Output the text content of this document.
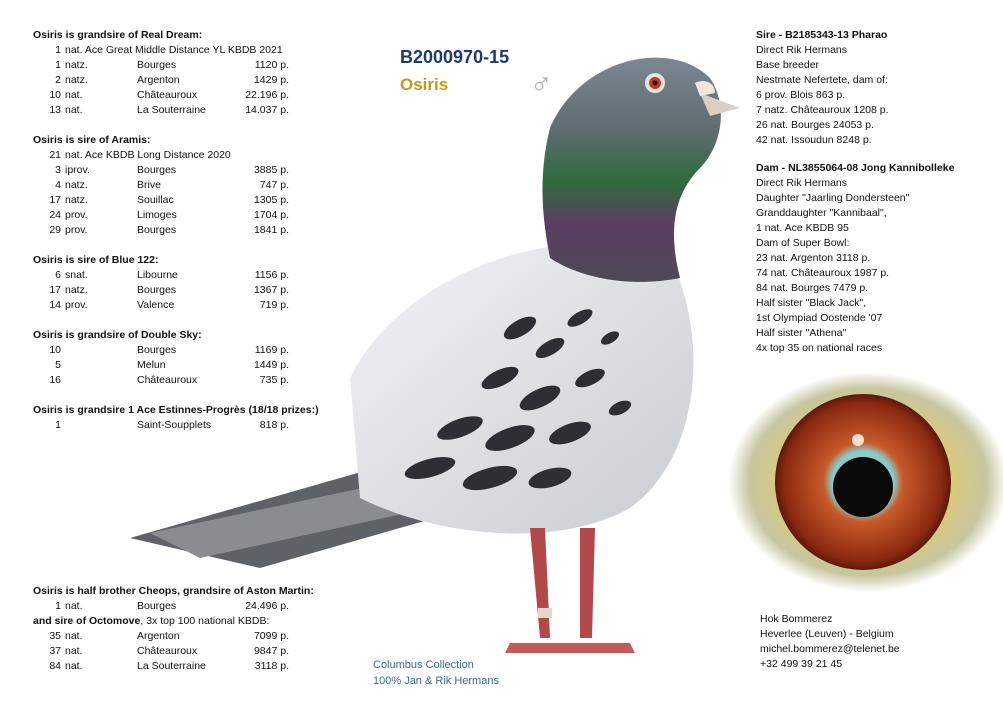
Osiris is grandsire of Real Dream:
1 nat. Ace Great Middle Distance YL KBDB 2021
1 natz.	Bourges	1120 p.
2 natz.	Argenton	1429 p.
10 nat.	Châteauroux	22.196 p.
13 nat.	La Souterraine	14.037 p.
Osiris is sire of Aramis:
21 nat. Ace KBDB Long Distance 2020
3 iprov.	Bourges	3885 p.
4 natz.	Brive	747 p.
17 natz.	Souillac	1305 p.
24 prov.	Limoges	1704 p.
29 prov.	Bourges	1841 p.
Osiris is sire of Blue 122:
6 snat.	Libourne	1156 p.
17 natz.	Bourges	1367 p.
14 prov.	Valence	719 p.
Osiris is grandsire of Double Sky:
10	Bourges	1169 p.
5	Melun	1449 p.
16	Châteauroux	735 p.
Osiris is grandsire 1 Ace Estinnes-Progrès (18/18 prizes:)
1	Saint-Soupplets	818 p.
Osiris is half brother Cheops, grandsire of Aston Martin:
1 nat.	Bourges	24.496 p.
and sire of Octomove, 3x top 100 national KBDB:
35 nat.	Argenton	7099 p.
37 nat.	Châteauroux	9847 p.
84 nat.	La Souterraine	3118 p.
B2000970-15
Osiris	♂
Sire - B2185343-13 Pharao
Direct Rik Hermans
Base breeder
Nestmate Nefertete, dam of:
6 prov. Blois 863 p.
7 natz. Châteauroux 1208 p.
26 nat. Bourges 24053 p.
42 nat. Issoudun 8248 p.
Dam - NL3855064-08 Jong Kannibolleke
Direct Rik Hermans
Daughter "Jaarling Dondersteen"
Granddaughter "Kannibaal",
1 nat. Ace KBDB 95
Dam of Super Bowl:
23 nat. Argenton 3118 p.
74 nat. Châteauroux 1987 p.
84 nat. Bourges 7479 p.
Half sister "Black Jack",
1st Olympiad Oostende '07
Half sister "Athena"
4x top 35 on national races
Hok Bommerez
Heverlee (Leuven) - Belgium
michel.bommerez@telenet.be
+32 499 39 21 45
Columbus Collection
100% Jan & Rik Hermans
